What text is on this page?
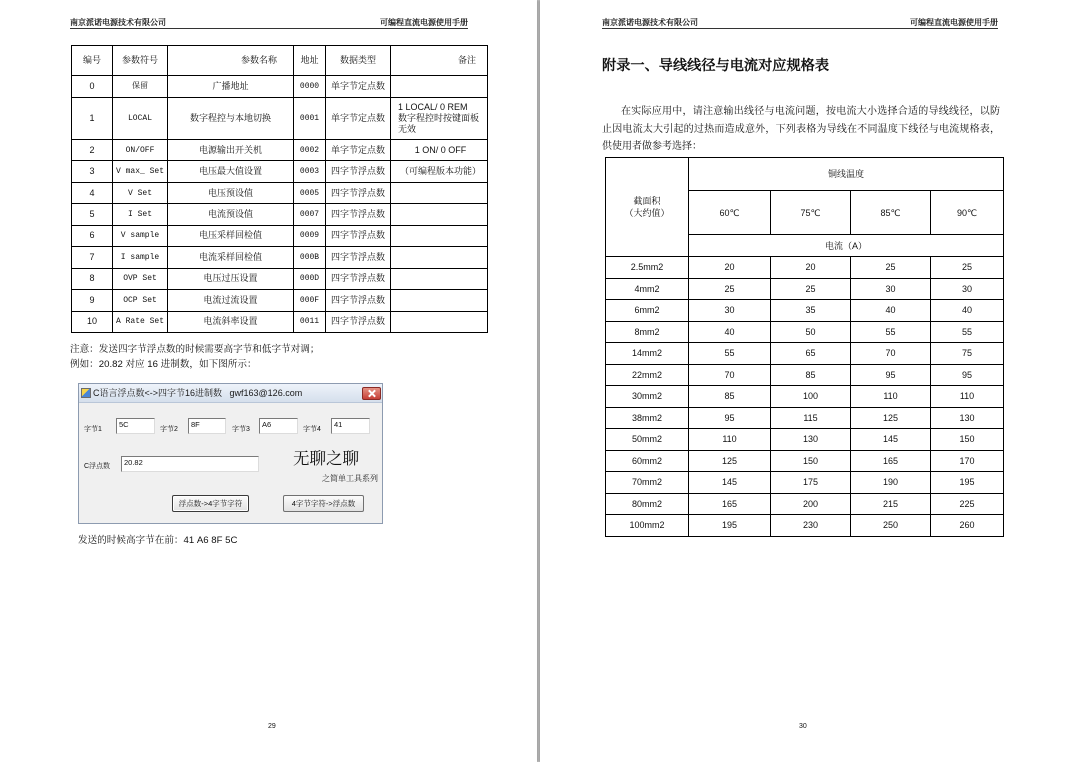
南京派诺电源技术有限公司	可编程直流电源使用手册
编号	参数符号	参数名称	地址	数据类型	备注
0	保留	广播地址	0000	单字节定点数	
1	LOCAL	数字程控与本地切换	0001	单字节定点数	1 LOCAL/ 0 REM
数字程控时按键面板无效
2	ON/OFF	电源输出开关机	0002	单字节定点数	1 ON/ 0 OFF
3	V max_ Set	电压最大值设置	0003	四字节浮点数	（可编程版本功能）
4	V Set	电压预设值	0005	四字节浮点数	
5	I Set	电流预设值	0007	四字节浮点数	
6	V sample	电压采样回检值	0009	四字节浮点数	
7	I sample	电流采样回检值	000B	四字节浮点数	
8	OVP Set	电压过压设置	000D	四字节浮点数	
9	OCP Set	电流过流设置	000F	四字节浮点数	
10	A Rate Set	电流斜率设置	0011	四字节浮点数	
注意：发送四字节浮点数的时候需要高字节和低字节对调；
例如：20.82 对应 16 进制数，如下图所示：
C语言浮点数<->四字节16进制数   gwf163@126.com
字节1
5C
字节2
8F
字节3
A6
字节4
41
C浮点数	20.82	无聊之聊
之简单工具系列
浮点数->4字节字符	4字节字符->浮点数
发送的时候高字节在前：41 A6 8F 5C
29
南京派诺电源技术有限公司	可编程直流电源使用手册
附录一、导线线径与电流对应规格表
在实际应用中，请注意输出线径与电流问题，按电流大小选择合适的导线线径，以防
止因电流太大引起的过热而造成意外，下列表格为导线在不同温度下线径与电流规格表，
供使用者做参考选择：
截面积
（大约值）	铜线温度			
	60℃	75℃	85℃	90℃
	电流（A）			
2.5mm2	20	20	25	25
4mm2	25	25	30	30
6mm2	30	35	40	40
8mm2	40	50	55	55
14mm2	55	65	70	75
22mm2	70	85	95	95
30mm2	85	100	110	110
38mm2	95	115	125	130
50mm2	110	130	145	150
60mm2	125	150	165	170
70mm2	145	175	190	195
80mm2	165	200	215	225
100mm2	195	230	250	260
30
